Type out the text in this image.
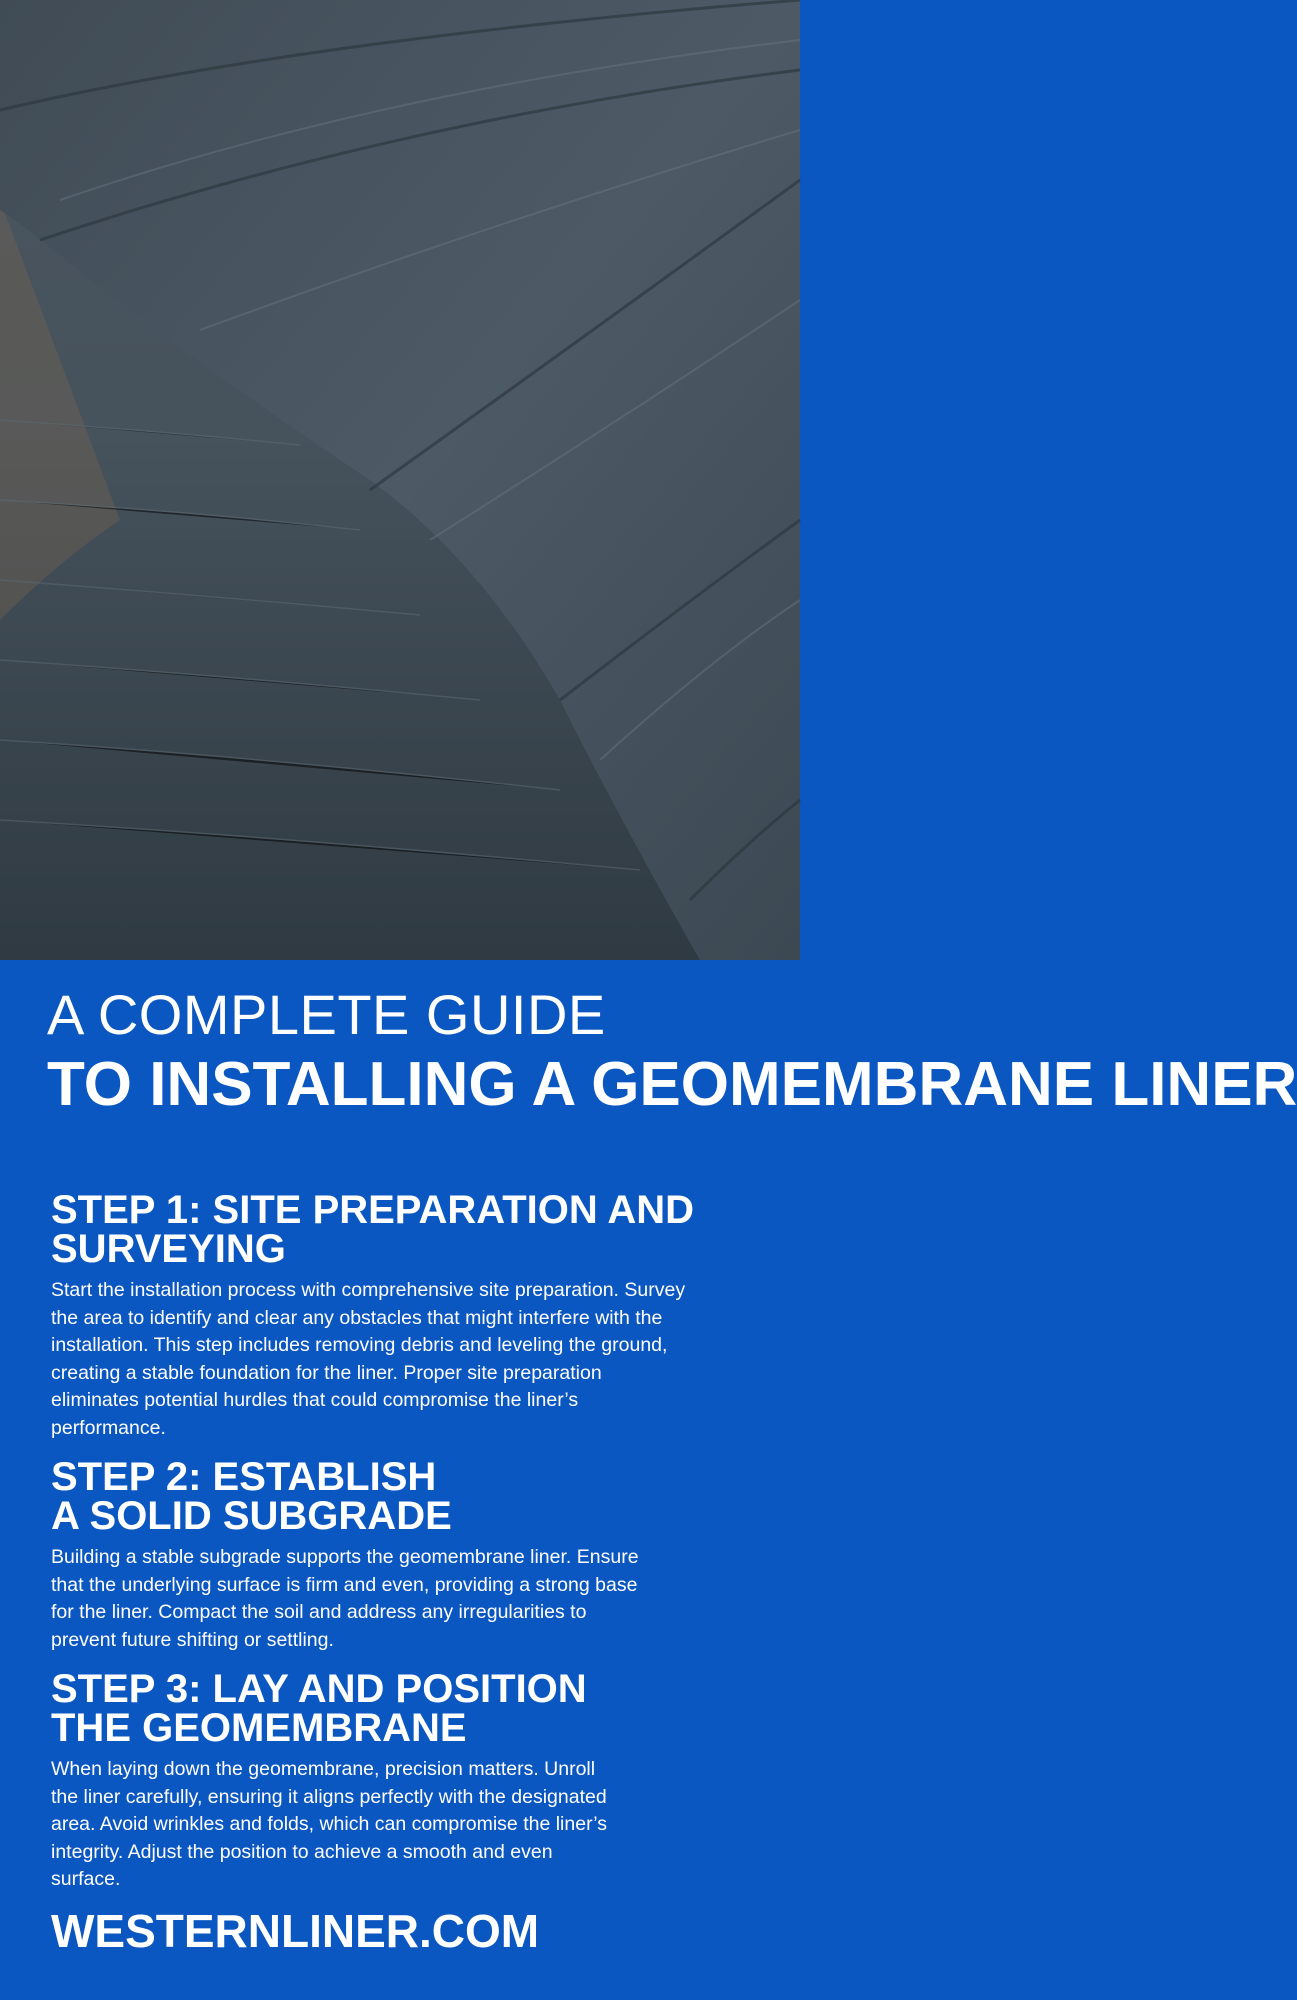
A COMPLETE GUIDE
TO INSTALLING A GEOMEMBRANE LINER
STEP 1: SITE PREPARATION AND SURVEYING

Start the installation process with comprehensive site preparation. Survey the area to identify and clear any obstacles that might interfere with the installation. This step includes removing debris and leveling the ground, creating a stable foundation for the liner. Proper site preparation eliminates potential hurdles that could compromise the liner’s performance.

STEP 2: ESTABLISH A SOLID SUBGRADE

Building a stable subgrade supports the geomembrane liner. Ensure that the underlying surface is firm and even, providing a strong base for the liner. Compact the soil and address any irregularities to prevent future shifting or settling.

STEP 3: LAY AND POSITION THE GEOMEMBRANE

When laying down the geomembrane, precision matters. Unroll the liner carefully, ensuring it aligns perfectly with the designated area. Avoid wrinkles and folds, which can compromise the liner’s integrity. Adjust the position to achieve a smooth and even surface.

WESTERNLINER.COM
